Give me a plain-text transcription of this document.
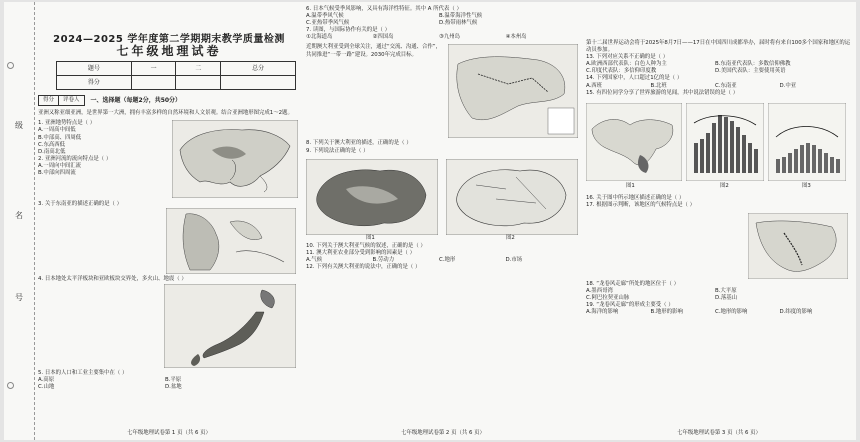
级
名
号
2024—2025 学年度第二学期期末教学质量检测
七年级地理试卷
题号	一	二	总分
得分			
得分	评卷人	一、选择题（每题2分，共50分）

亚洲又称亚细亚洲，是世界第一大洲，拥有丰富多样的自然环境和人文景观。结合亚洲地形图完成1～2题。

1. 亚洲地势特点是（ ）

A.一周高中间低

B.中部高、四周低

C.东高西低

D.南高北低

2. 亚洲河流的流向特点是（ ）

A.一周向中间汇流

B.中部向四周流

3. 关于东南亚的描述正确的是（ ）

4. 日本地处太平洋板块和亚欧板块交界处，多火山、地震（ ）

5. 日本的人口和工业主要集中在（ ）

A.高原	B.平原
C.山地	D.盆地
七年级地理试卷第 1 页（共 6 页）

6. 日本气候受季风影响，又具有海洋性特征。其中 A 所代表（ ）

A.温带季风气候	B.温带海洋性气候
C.亚热带季风气候	D.热带雨林气候

7. 读图，与国际协作有关的是（ ）

①北海道岛	②四国岛	③九州岛	④本州岛

近期澳大利亚受到全球关注，通过“交流、沟通、合作”，共同推进“一带一路”建设。2030年完成目标。

8. 下列关于澳大利亚的描述，正确的是（ ）

9. 下列说法正确的是（ ）

图1	图2

10. 下列关于澳大利亚气候的叙述，正确的是（ ）

11. 澳大利亚农业部分受到影响的因素是（ ）

A.气候	B.劳动力	C.地形	D.市场

12. 下列有关澳大利亚的说法中，正确的是（ ）

七年级地理试卷第 2 页（共 6 页）

第十二届世界运动会将于2025年8月7日——17日在中国四川成都举办，届时将有来自100多个国家和地区的运动员参加。

13. 下列对应关系不正确的是（ ）

A.欧洲西部代表队：白色人种为主	B.东南亚代表队：多数信仰佛教
C.印度代表队：多信仰印度教	D.美国代表队：主要使用英语

14. 下列国家中，人口超过1亿的是（ ）

A.西班	B.北班	C.东南亚	D.中亚

15. 有四位同学分享了世界旅游的见闻，其中说法错误的是（ ）

图1	图2	图3

16. 关于图中所示地区描述正确的是（ ）

17. 根据图示判断，该地区的气候特点是（ ）

18. “龙卷风走廊”所处的地区位于（ ）

A.墨西哥湾	B.大平原
C.阿巴拉契亚山脉	D.落基山

19. “龙卷风走廊”的形成主要受（ ）

A.海洋的影响	B.地形的影响	C.地形的影响	D.纬度的影响
七年级地理试卷第 3 页（共 6 页）
